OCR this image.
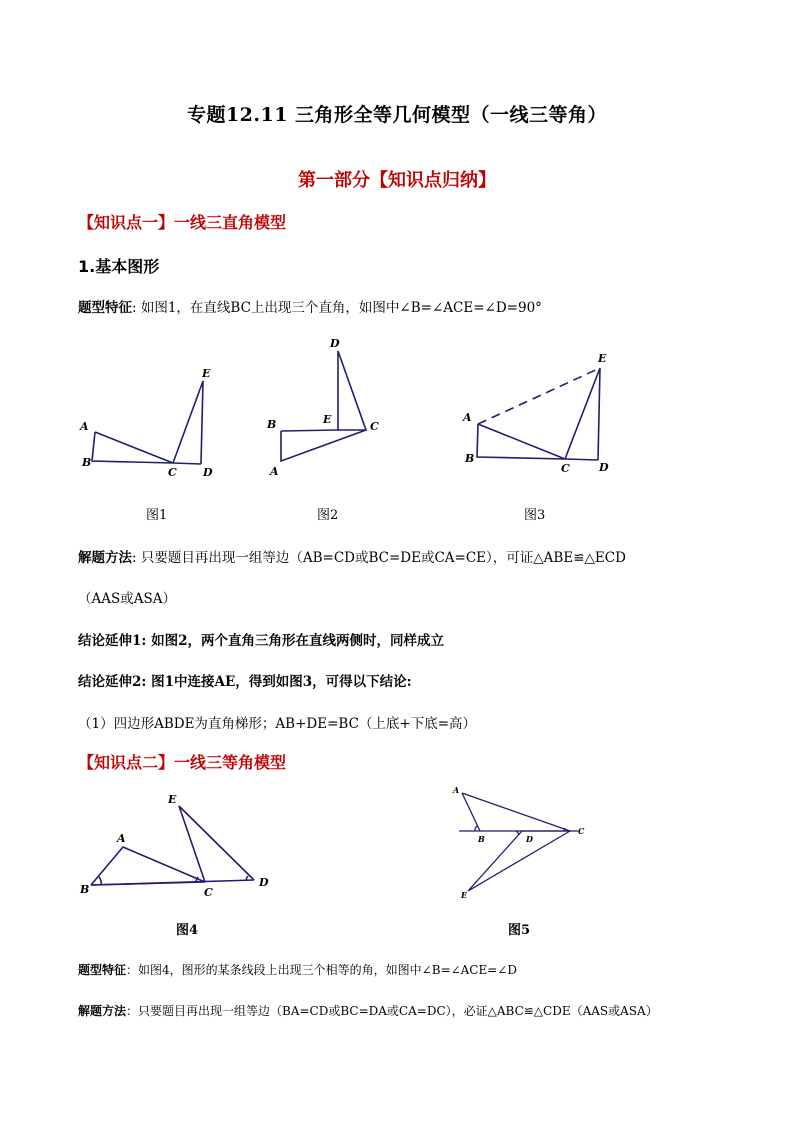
专题12.11 三角形全等几何模型（一线三等角）
第一部分【知识点归纳】
【知识点一】一线三直角模型
1.基本图形
题型特征: 如图1，在直线BC上出现三个直角，如图中∠B=∠ACE=∠D=90°
A
B
C D
E
D
E
B	C
A
A
B
C	D
E
A
B	C
D
E
A
B
C
D
E
图1	图2	图3
解题方法: 只要题目再出现一组等边（AB=CD或BC=DE或CA=CE），可证△ABE≌△ECD
（AAS或ASA）
结论延伸1: 如图2，两个直角三角形在直线两侧时，同样成立
结论延伸2: 图1中连接AE，得到如图3，可得以下结论:
（1）四边形ABDE为直角梯形；AB+DE=BC（上底+下底=高）
【知识点二】一线三等角模型
图4	图5
题型特征：如图4，图形的某条线段上出现三个相等的角，如图中∠B=∠ACE=∠D
解题方法：只要题目再出现一组等边（BA=CD或BC=DA或CA=DC），必证△ABC≌△CDE（AAS或ASA）
